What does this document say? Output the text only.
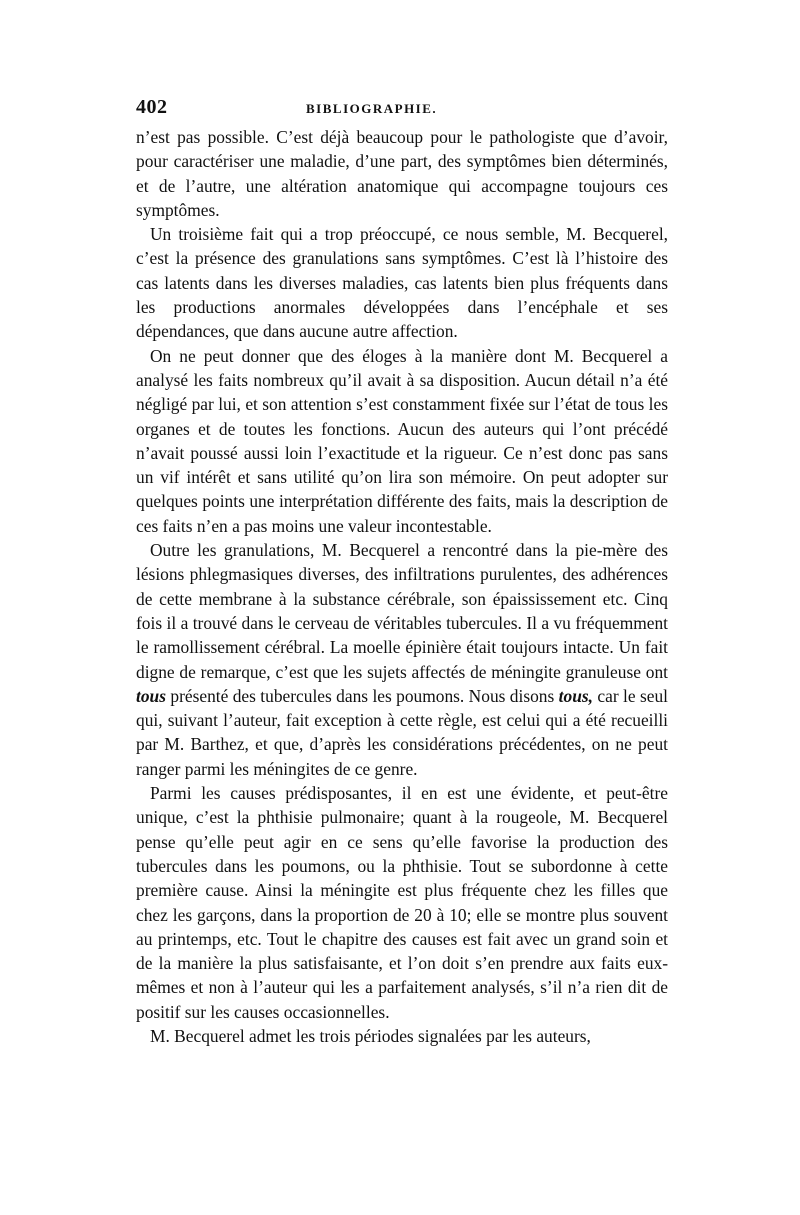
402	BIBLIOGRAPHIE.

n’est pas possible. C’est déjà beaucoup pour le pathologiste que d’avoir, pour caractériser une maladie, d’une part, des symptômes bien déterminés, et de l’autre, une altération anatomique qui accompagne toujours ces symptômes.

Un troisième fait qui a trop préoccupé, ce nous semble, M. Becquerel, c’est la présence des granulations sans symptômes. C’est là l’histoire des cas latents dans les diverses maladies, cas latents bien plus fréquents dans les productions anormales développées dans l’encéphale et ses dépendances, que dans aucune autre affection.

On ne peut donner que des éloges à la manière dont M. Becquerel a analysé les faits nombreux qu’il avait à sa disposition. Aucun détail n’a été négligé par lui, et son attention s’est constamment fixée sur l’état de tous les organes et de toutes les fonctions. Aucun des auteurs qui l’ont précédé n’avait poussé aussi loin l’exactitude et la rigueur. Ce n’est donc pas sans un vif intérêt et sans utilité qu’on lira son mémoire. On peut adopter sur quelques points une interprétation différente des faits, mais la description de ces faits n’en a pas moins une valeur incontestable.

Outre les granulations, M. Becquerel a rencontré dans la pie-mère des lésions phlegmasiques diverses, des infiltrations purulentes, des adhérences de cette membrane à la substance cérébrale, son épaississement etc. Cinq fois il a trouvé dans le cerveau de véritables tubercules. Il a vu fréquemment le ramollissement cérébral. La moelle épinière était toujours intacte. Un fait digne de remarque, c’est que les sujets affectés de méningite granuleuse ont tous présenté des tubercules dans les poumons. Nous disons tous, car le seul qui, suivant l’auteur, fait exception à cette règle, est celui qui a été recueilli par M. Barthez, et que, d’après les considérations précédentes, on ne peut ranger parmi les méningites de ce genre.

Parmi les causes prédisposantes, il en est une évidente, et peut-être unique, c’est la phthisie pulmonaire; quant à la rougeole, M. Becquerel pense qu’elle peut agir en ce sens qu’elle favorise la production des tubercules dans les poumons, ou la phthisie. Tout se subordonne à cette première cause. Ainsi la méningite est plus fréquente chez les filles que chez les garçons, dans la proportion de 20 à 10; elle se montre plus souvent au printemps, etc. Tout le chapitre des causes est fait avec un grand soin et de la manière la plus satisfaisante, et l’on doit s’en prendre aux faits eux-mêmes et non à l’auteur qui les a parfaitement analysés, s’il n’a rien dit de positif sur les causes occasionnelles.

M. Becquerel admet les trois périodes signalées par les auteurs,
